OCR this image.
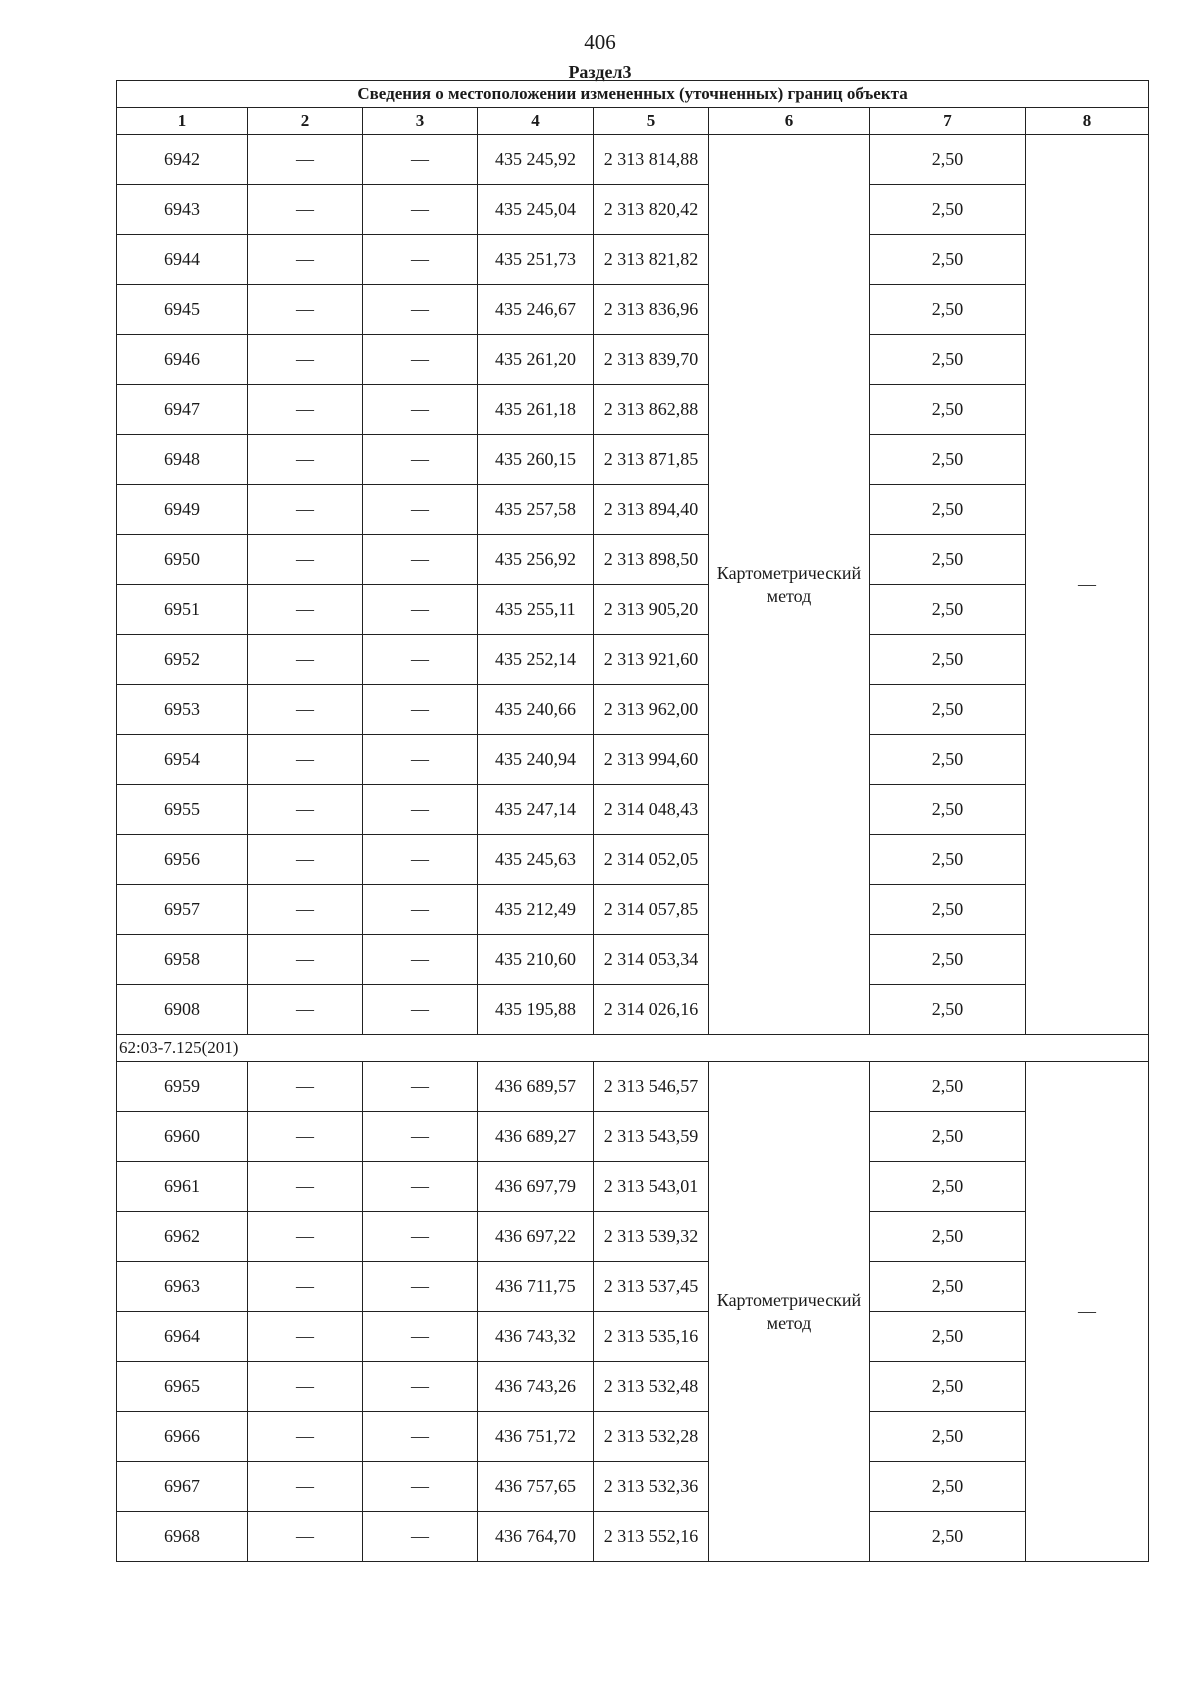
406
Раздел3
Сведения о местоположении измененных (уточненных) границ объекта							
1	2	3	4	5	6	7	8
6942	—	—	435 245,92	2 313 814,88	Картометрический метод	2,50	—
6943	—	—	435 245,04	2 313 820,42		2,50	
6944	—	—	435 251,73	2 313 821,82		2,50	
6945	—	—	435 246,67	2 313 836,96		2,50	
6946	—	—	435 261,20	2 313 839,70		2,50	
6947	—	—	435 261,18	2 313 862,88		2,50	
6948	—	—	435 260,15	2 313 871,85		2,50	
6949	—	—	435 257,58	2 313 894,40		2,50	
6950	—	—	435 256,92	2 313 898,50		2,50	
6951	—	—	435 255,11	2 313 905,20		2,50	
6952	—	—	435 252,14	2 313 921,60		2,50	
6953	—	—	435 240,66	2 313 962,00		2,50	
6954	—	—	435 240,94	2 313 994,60		2,50	
6955	—	—	435 247,14	2 314 048,43		2,50	
6956	—	—	435 245,63	2 314 052,05		2,50	
6957	—	—	435 212,49	2 314 057,85		2,50	
6958	—	—	435 210,60	2 314 053,34		2,50	
6908	—	—	435 195,88	2 314 026,16		2,50	
62:03-7.125(201)							
6959	—	—	436 689,57	2 313 546,57	Картометрический метод	2,50	—
6960	—	—	436 689,27	2 313 543,59		2,50	
6961	—	—	436 697,79	2 313 543,01		2,50	
6962	—	—	436 697,22	2 313 539,32		2,50	
6963	—	—	436 711,75	2 313 537,45		2,50	
6964	—	—	436 743,32	2 313 535,16		2,50	
6965	—	—	436 743,26	2 313 532,48		2,50	
6966	—	—	436 751,72	2 313 532,28		2,50	
6967	—	—	436 757,65	2 313 532,36		2,50	
6968	—	—	436 764,70	2 313 552,16		2,50	
